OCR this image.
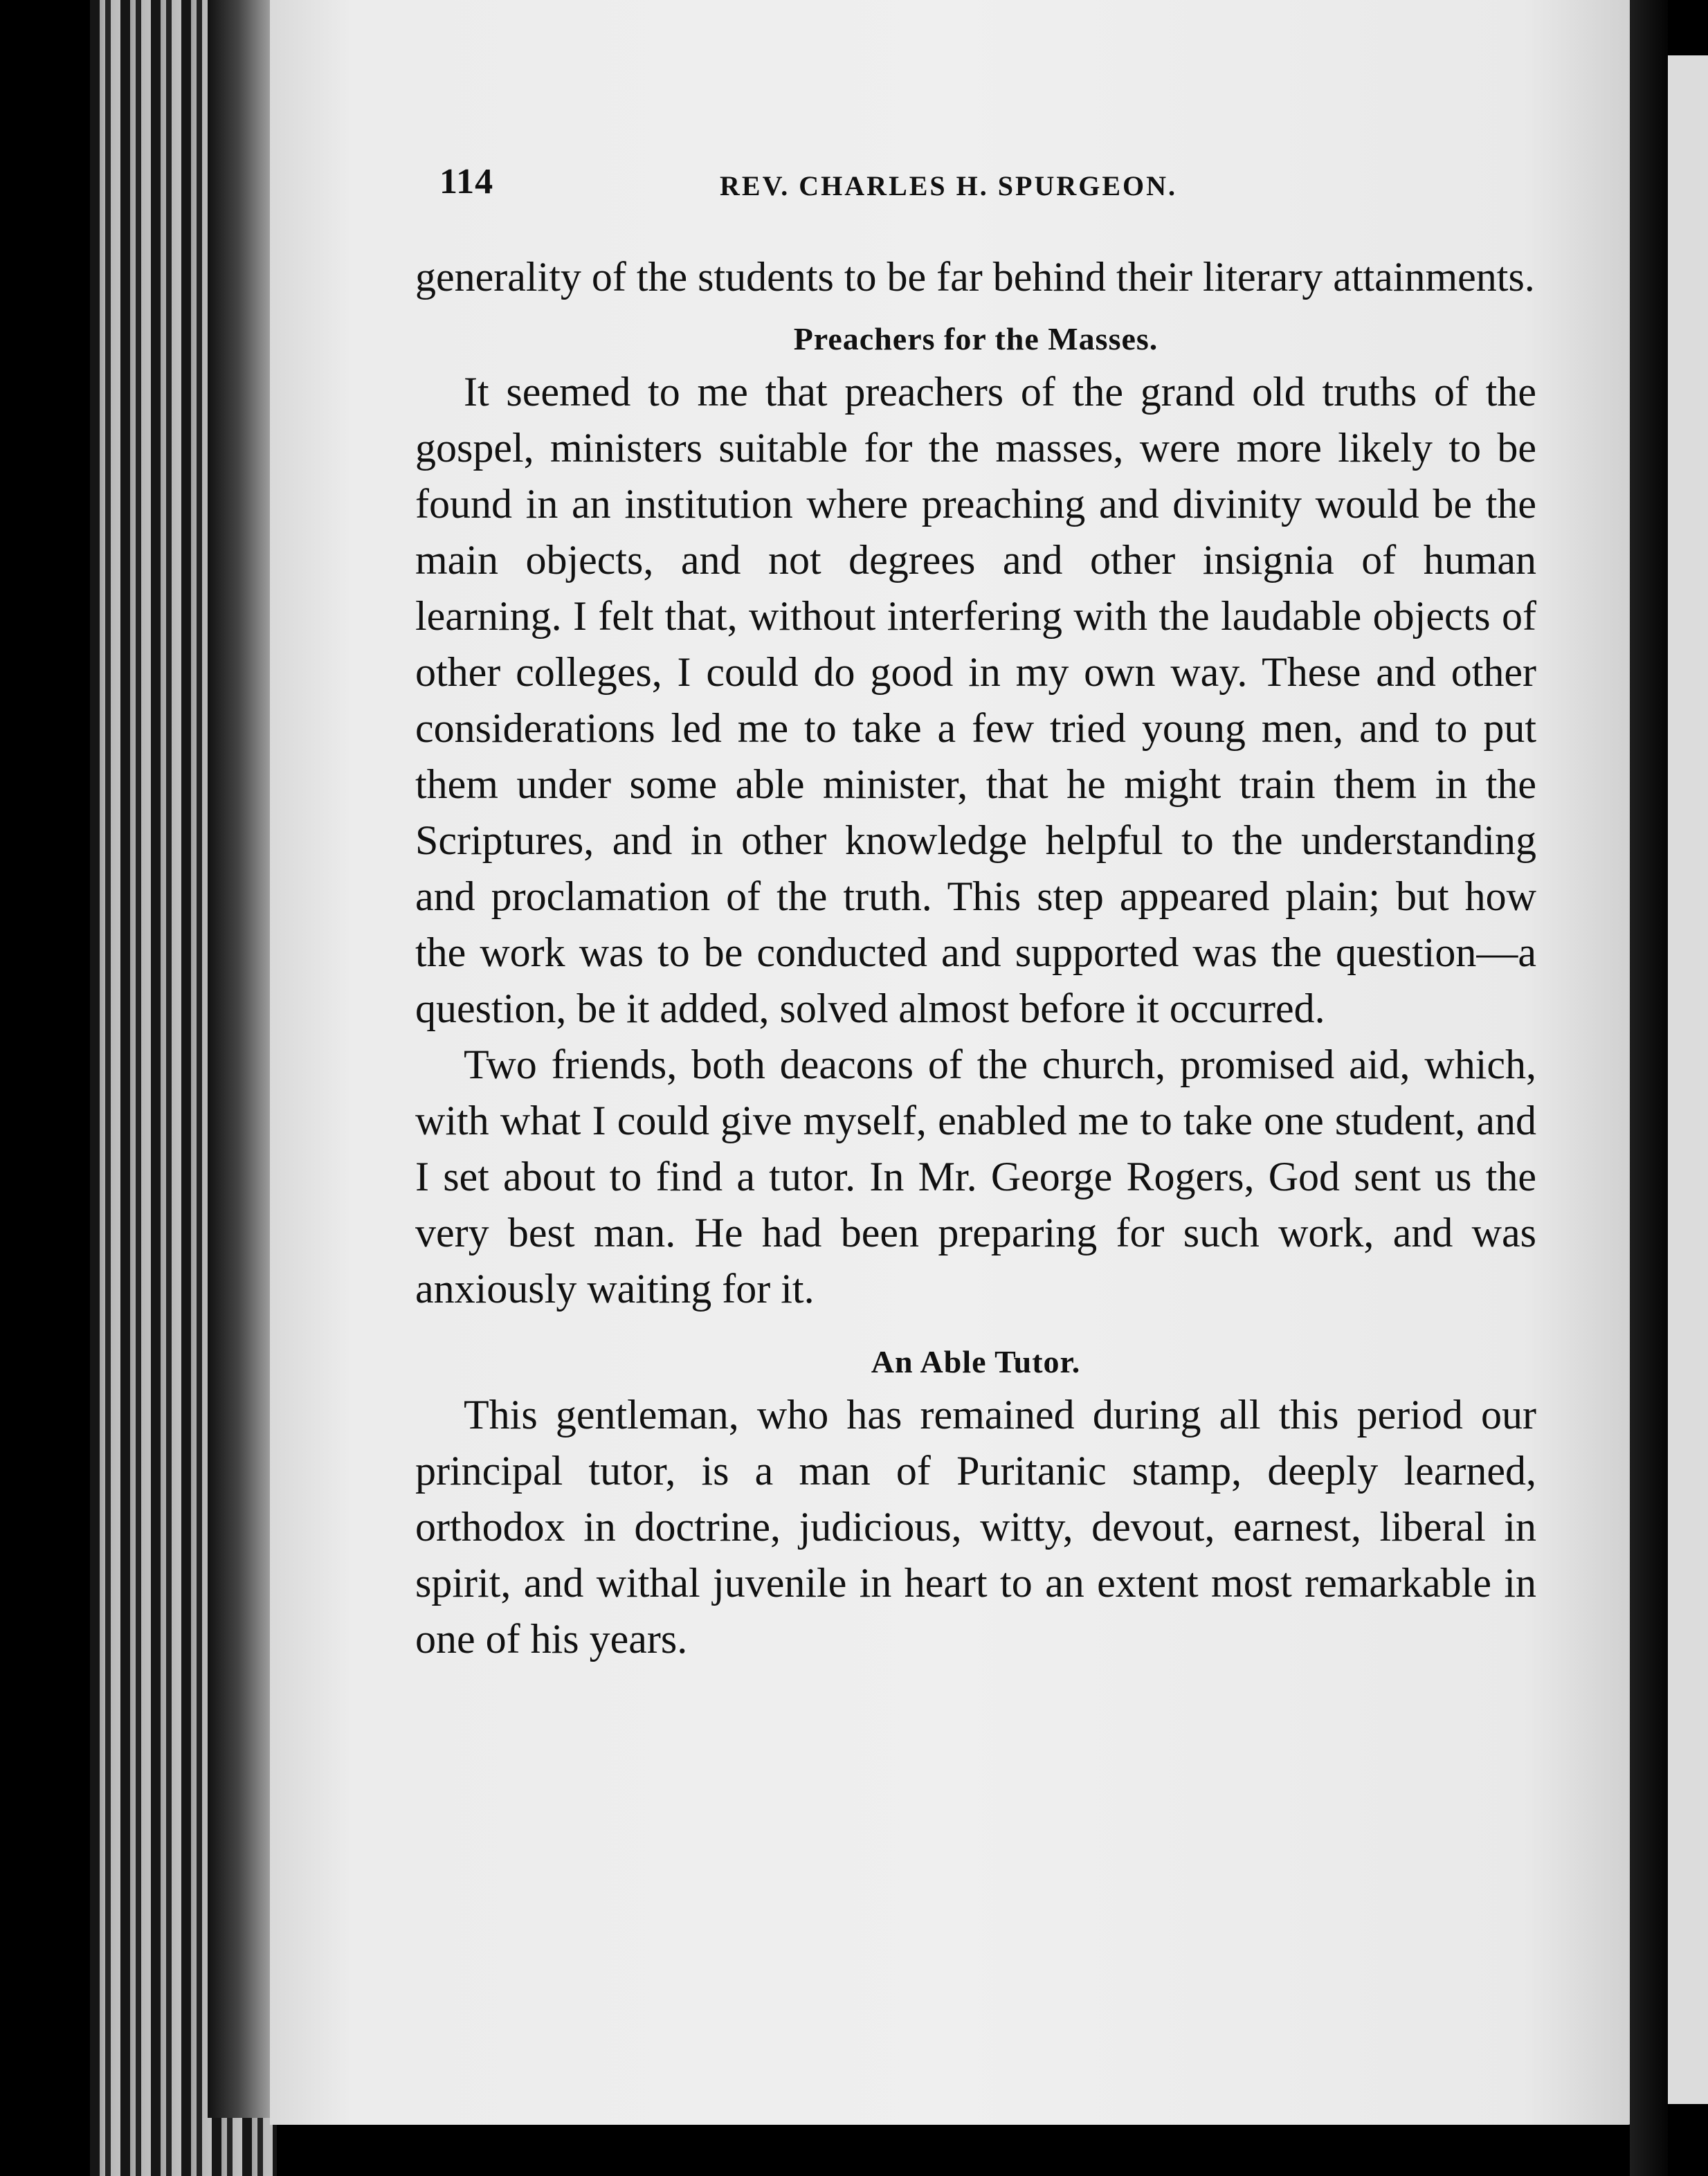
114	REV. CHARLES H. SPURGEON.

generality of the students to be far behind their literary attainments.

Preachers for the Masses.

It seemed to me that preachers of the grand old truths of the gospel, ministers suitable for the masses, were more likely to be found in an institution where preaching and divinity would be the main objects, and not degrees and other insignia of human learning. I felt that, without interfering with the laudable objects of other colleges, I could do good in my own way. These and other considerations led me to take a few tried young men, and to put them under some able minister, that he might train them in the Scriptures, and in other knowledge helpful to the understanding and proclamation of the truth. This step appeared plain; but how the work was to be conducted and supported was the question—a question, be it added, solved almost before it occurred.

Two friends, both deacons of the church, promised aid, which, with what I could give myself, enabled me to take one student, and I set about to find a tutor. In Mr. George Rogers, God sent us the very best man. He had been preparing for such work, and was anxiously waiting for it.

An Able Tutor.

This gentleman, who has remained during all this period our principal tutor, is a man of Puritanic stamp, deeply learned, orthodox in doctrine, judicious, witty, devout, earnest, liberal in spirit, and withal juvenile in heart to an extent most remarkable in one of his years.
